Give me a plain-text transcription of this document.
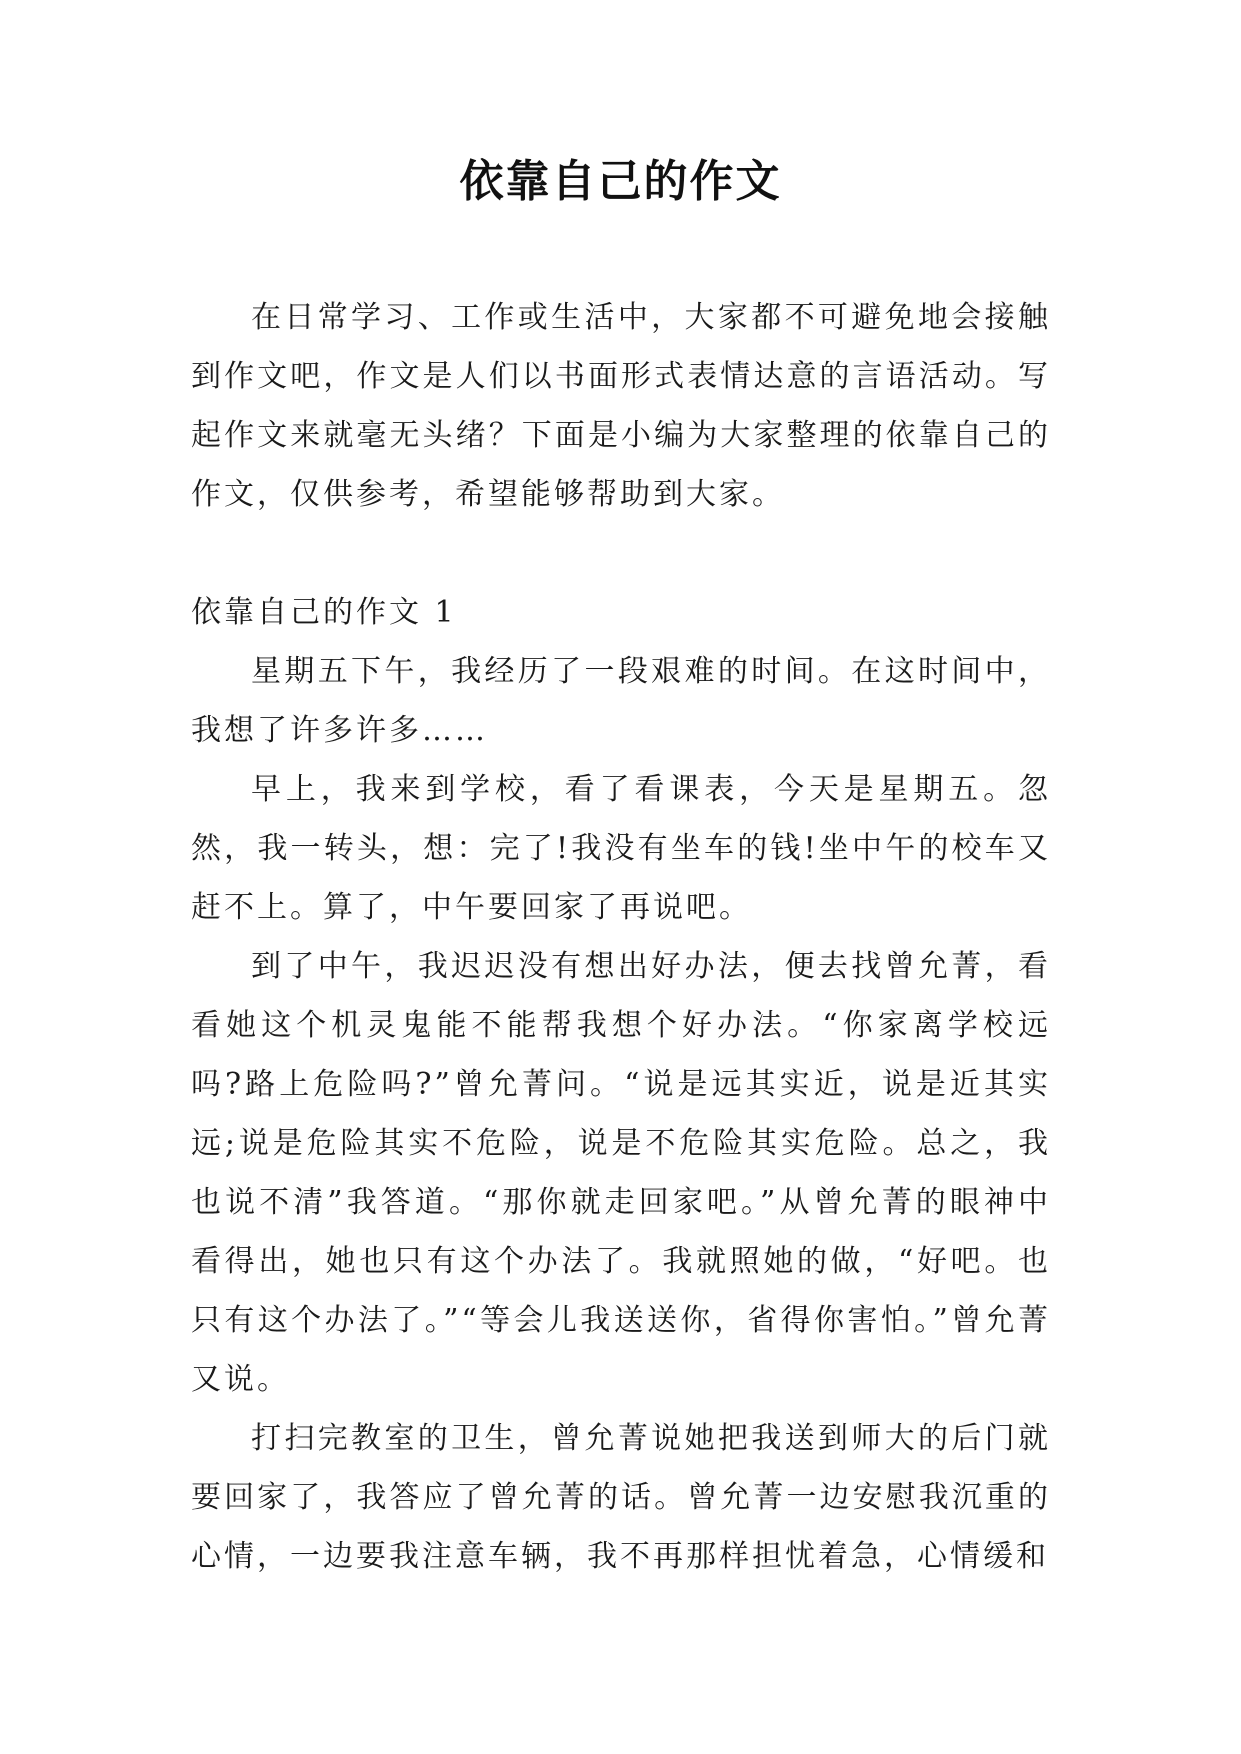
依靠自己的作文

在日常学习、工作或生活中，大家都不可避免地会接触到作文吧，作文是人们以书面形式表情达意的言语活动。写起作文来就毫无头绪？下面是小编为大家整理的依靠自己的作文，仅供参考，希望能够帮助到大家。

依靠自己的作文 1

星期五下午，我经历了一段艰难的时间。在这时间中，我想了许多许多……

早上，我来到学校，看了看课表，今天是星期五。忽然，我一转头，想：完了!我没有坐车的钱!坐中午的校车又赶不上。算了，中午要回家了再说吧。

到了中午，我迟迟没有想出好办法，便去找曾允菁，看看她这个机灵鬼能不能帮我想个好办法。“你家离学校远吗?路上危险吗?”曾允菁问。“说是远其实近，说是近其实远;说是危险其实不危险，说是不危险其实危险。总之，我也说不清”我答道。“那你就走回家吧。”从曾允菁的眼神中看得出，她也只有这个办法了。我就照她的做，“好吧。也只有这个办法了。”“等会儿我送送你，省得你害怕。”曾允菁又说。

打扫完教室的卫生，曾允菁说她把我送到师大的后门就要回家了，我答应了曾允菁的话。曾允菁一边安慰我沉重的心情，一边要我注意车辆，我不再那样担忧着急，心情缓和
